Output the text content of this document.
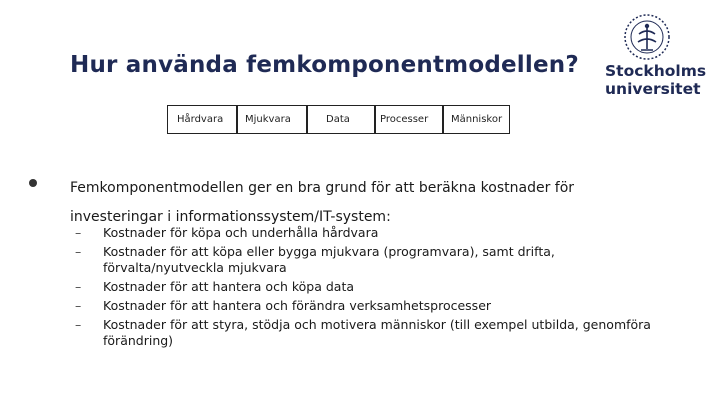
Hur använda femkomponentmodellen? Stockholms
universitet
Hårdvara Mjukvara	Data	Processer Människor
Femkomponentmodellen ger en bra grund för att beräkna kostnader för investeringar i informationssystem/IT-system:
– Kostnader för köpa och underhålla hårdvara
– Kostnader för att köpa eller bygga mjukvara (programvara), samt drifta, förvalta/nyutveckla mjukvara
– Kostnader för att hantera och köpa data
– Kostnader för att hantera och förändra verksamhetsprocesser
– Kostnader för att styra, stödja och motivera människor (till exempel utbilda, genomföra förändring)
